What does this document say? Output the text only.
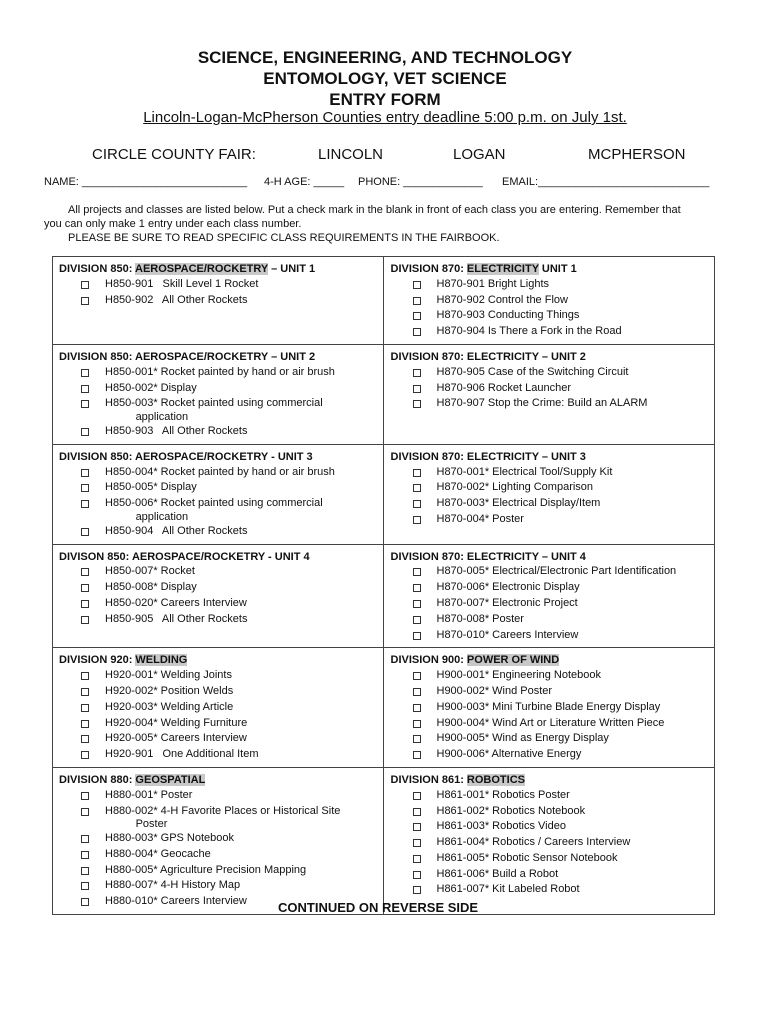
SCIENCE, ENGINEERING, AND TECHNOLOGY
ENTOMOLOGY, VET SCIENCE
ENTRY FORM
Lincoln-Logan-McPherson Counties entry deadline 5:00 p.m. on July 1st.
CIRCLE COUNTY FAIR:	LINCOLN	LOGAN	MCPHERSON
NAME: ___________________________ 4-H AGE: _____ PHONE: _____________ EMAIL:____________________________

All projects and classes are listed below. Put a check mark in the blank in front of each class you are entering. Remember that

you can only make 1 entry under each class number.

PLEASE BE SURE TO READ SPECIFIC CLASS REQUIREMENTS IN THE FAIRBOOK.

DIVISION 850: AEROSPACE/ROCKETRY – UNIT 1
H850-901   Skill Level 1 Rocket
H850-902   All Other Rockets
DIVISION 870: ELECTRICITY UNIT 1
H870-901 Bright Lights
H870-902 Control the Flow
H870-903 Conducting Things
H870-904 Is There a Fork in the Road
DIVISION 850: AEROSPACE/ROCKETRY – UNIT 2
H850-001* Rocket painted by hand or air brush
H850-002* Display
H850-003* Rocket painted using commercial
application
H850-903   All Other Rockets
DIVISION 870: ELECTRICITY – UNIT 2
H870-905 Case of the Switching Circuit
H870-906 Rocket Launcher
H870-907 Stop the Crime: Build an ALARM
DIVISION 850: AEROSPACE/ROCKETRY - UNIT 3
H850-004* Rocket painted by hand or air brush
H850-005* Display
H850-006* Rocket painted using commercial
application
H850-904   All Other Rockets
DIVISION 870: ELECTRICITY – UNIT 3
H870-001* Electrical Tool/Supply Kit
H870-002* Lighting Comparison
H870-003* Electrical Display/Item
H870-004* Poster
DIVISON 850: AEROSPACE/ROCKETRY - UNIT 4
H850-007* Rocket
H850-008* Display
H850-020* Careers Interview
H850-905   All Other Rockets
DIVISION 870: ELECTRICITY – UNIT 4
H870-005* Electrical/Electronic Part Identification
H870-006* Electronic Display
H870-007* Electronic Project
H870-008* Poster
H870-010* Careers Interview
DIVISION 920: WELDING
H920-001* Welding Joints
H920-002* Position Welds
H920-003* Welding Article
H920-004* Welding Furniture
H920-005* Careers Interview
H920-901   One Additional Item
DIVISION 900: POWER OF WIND
H900-001* Engineering Notebook
H900-002* Wind Poster
H900-003* Mini Turbine Blade Energy Display
H900-004* Wind Art or Literature Written Piece
H900-005* Wind as Energy Display
H900-006* Alternative Energy
DIVISION 880: GEOSPATIAL
H880-001* Poster
H880-002* 4-H Favorite Places or Historical Site
Poster
H880-003* GPS Notebook
H880-004* Geocache
H880-005* Agriculture Precision Mapping
H880-007* 4-H History Map
H880-010* Careers Interview
DIVISION 861: ROBOTICS
H861-001* Robotics Poster
H861-002* Robotics Notebook
H861-003* Robotics Video
H861-004* Robotics / Careers Interview
H861-005* Robotic Sensor Notebook
H861-006* Build a Robot
H861-007* Kit Labeled Robot
CONTINUED ON REVERSE SIDE
